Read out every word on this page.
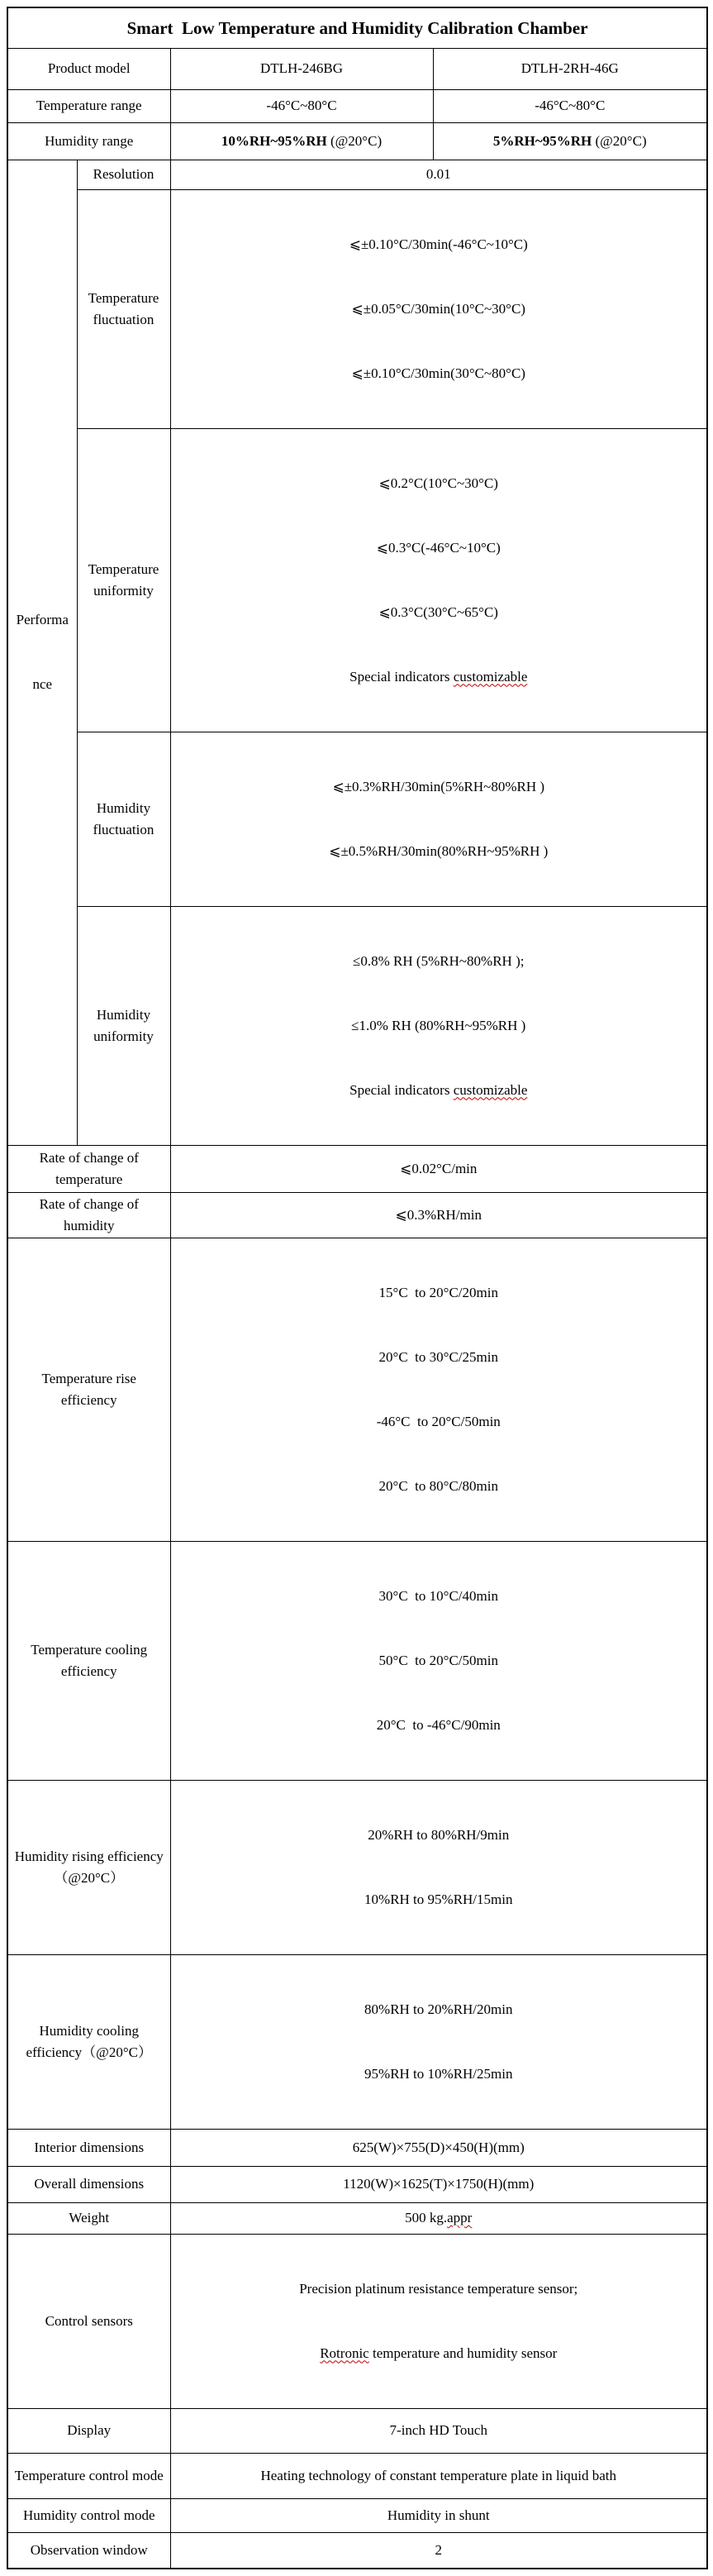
Smart  Low Temperature and Humidity Calibration Chamber			
Product model		DTLH-246BG	DTLH-2RH-46G
Temperature range		-46°C~80°C	-46°C~80°C
Humidity range		10%RH~95%RH (@20°C)	5%RH~95%RH (@20°C)

Performa

nce	Resolution	0.01	
	Temperature fluctuation	⩽±0.10°C/30min(-46°C~10°C)

⩽±0.05°C/30min(10°C~30°C)

⩽±0.10°C/30min(30°C~80°C)	

	Temperature uniformity	⩽0.2°C(10°C~30°C)

⩽0.3°C(-46°C~10°C)

⩽0.3°C(30°C~65°C)

Special indicators customizable	

	Humidity fluctuation	⩽±0.3%RH/30min(5%RH~80%RH )

⩽±0.5%RH/30min(80%RH~95%RH )	

	Humidity uniformity	≤0.8% RH (5%RH~80%RH );

≤1.0% RH (80%RH~95%RH )

Special indicators customizable	

Rate of change of temperature		⩽0.02°C/min	
Rate of change of humidity		⩽0.3%RH/min	
Temperature rise efficiency		15°C  to 20°C/20min

20°C  to 30°C/25min

-46°C  to 20°C/50min

20°C  to 80°C/80min	

Temperature cooling efficiency		30°C  to 10°C/40min

50°C  to 20°C/50min

20°C  to -46°C/90min	

Humidity rising efficiency（@20°C）		20%RH to 80%RH/9min

10%RH to 95%RH/15min	

Humidity cooling efficiency（@20°C）		80%RH to 20%RH/20min

95%RH to 10%RH/25min	

Interior dimensions		625(W)×755(D)×450(H)(mm)	
Overall dimensions		1120(W)×1625(T)×1750(H)(mm)	
Weight		500 kg.appr	
Control sensors		Precision platinum resistance temperature sensor;

Rotronic temperature and humidity sensor	

Display		7-inch HD Touch	
Temperature control mode		Heating technology of constant temperature plate in liquid bath	
Humidity control mode		Humidity in shunt	
Observation window		2	
